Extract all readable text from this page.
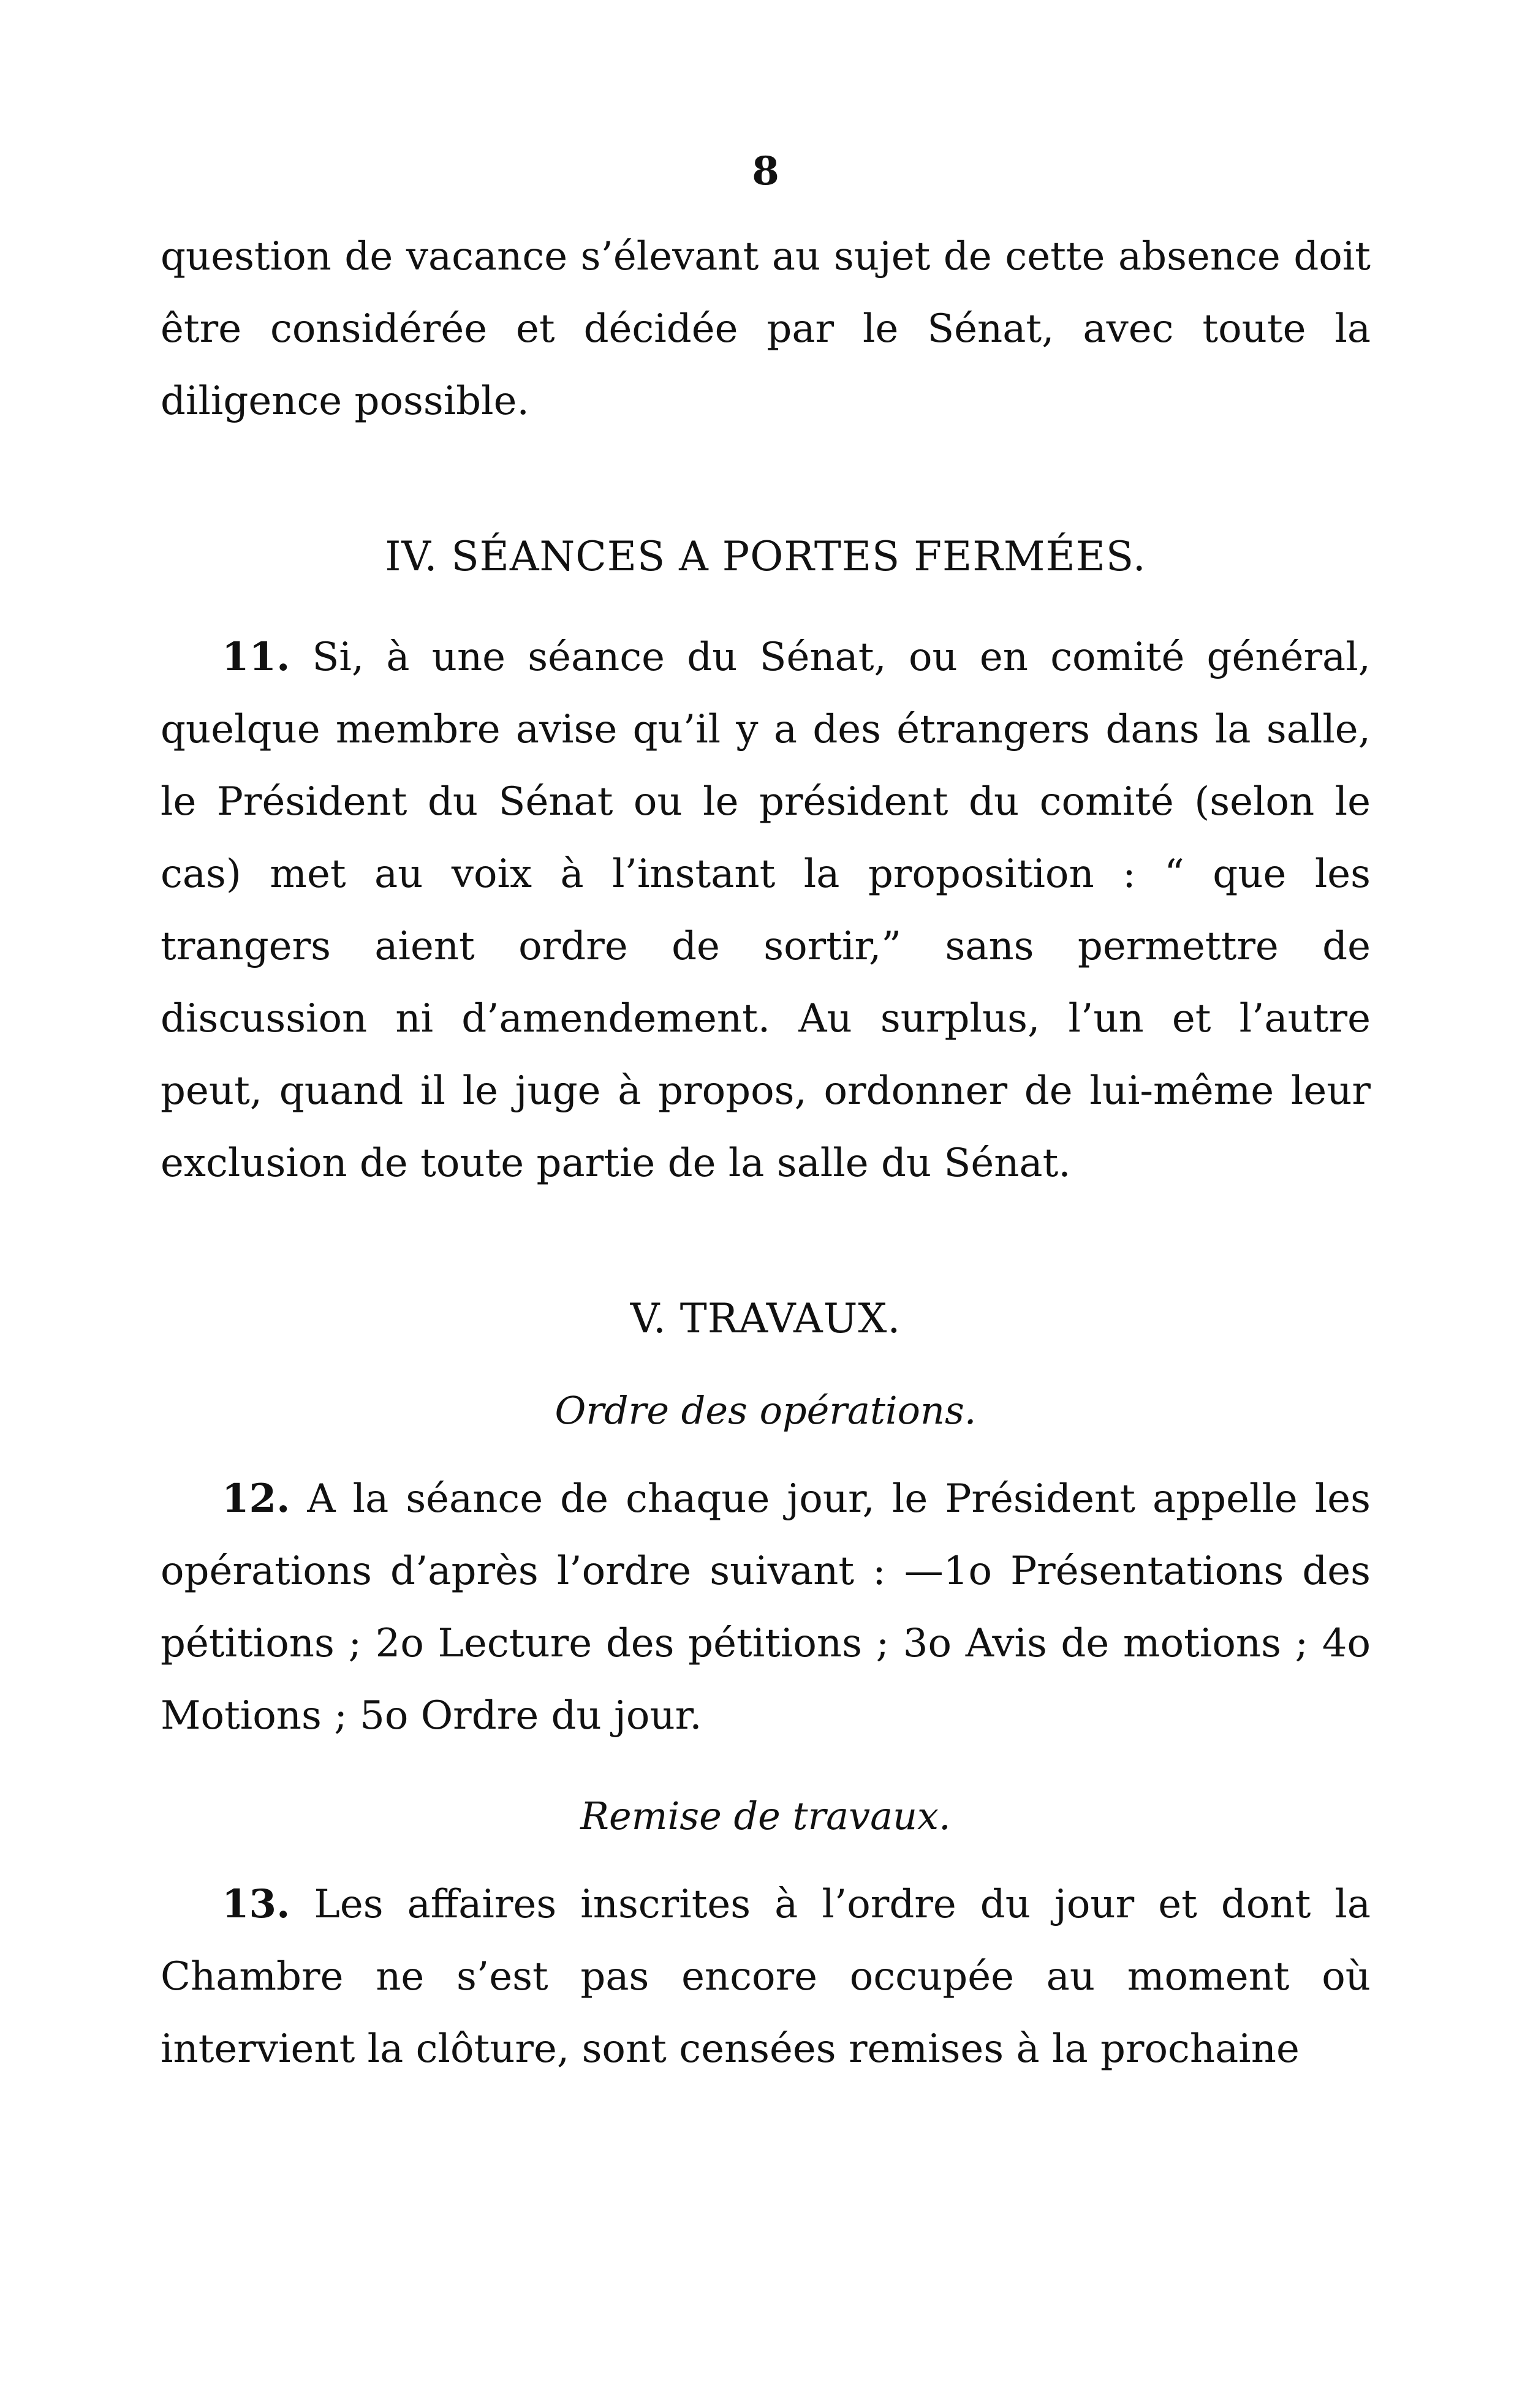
8

question de vacance s’élevant au sujet de cette absence doit être considérée et décidée par le Sénat, avec toute la diligence possible.

IV. SÉANCES A PORTES FERMÉES.

11. Si, à une séance du Sénat, ou en comité général, quelque membre avise qu’il y a des étrangers dans la salle, le Président du Sénat ou le président du comité (selon le cas) met au voix à l’instant la proposition : “ que les trangers aient ordre de sortir,” sans permettre de discussion ni d’amendement. Au surplus, l’un et l’autre peut, quand il le juge à propos, ordonner de lui-même leur exclusion de toute partie de la salle du Sénat.

V. TRAVAUX.
Ordre des opérations.

12. A la séance de chaque jour, le Président appelle les opérations d’après l’ordre suivant : —1o Présentations des pétitions ; 2o Lecture des pétitions ; 3o Avis de motions ; 4o Motions ; 5o Ordre du jour.

Remise de travaux.

13. Les affaires inscrites à l’ordre du jour et dont la Chambre ne s’est pas encore occupée au moment où intervient la clôture, sont censées remises à la prochaine
